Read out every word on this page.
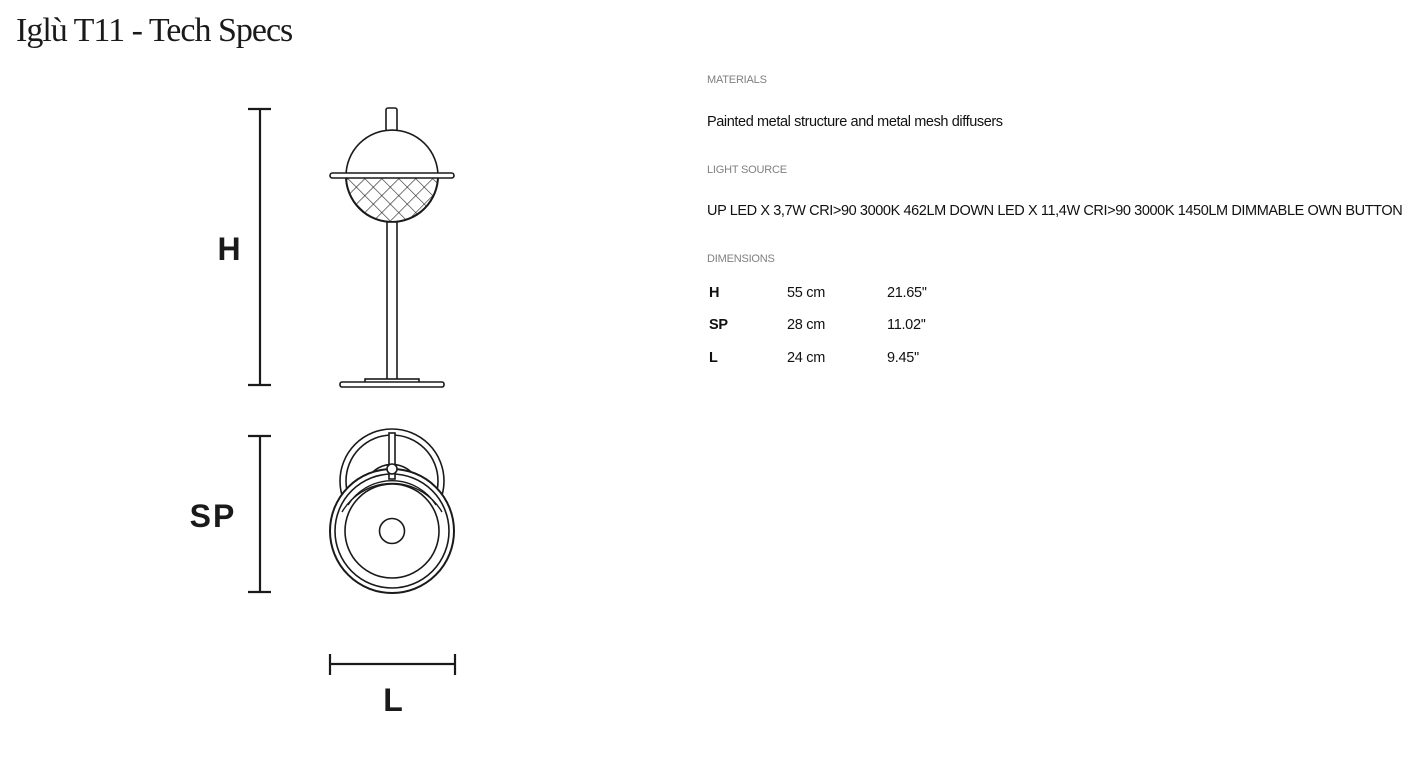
Iglù T11 - Tech Specs
H
SP
L
MATERIALS
Painted metal structure and metal mesh diffusers
LIGHT SOURCE
UP LED X 3,7W CRI>90 3000K 462LM DOWN LED X 11,4W CRI>90 3000K 1450LM DIMMABLE OWN BUTTON
DIMENSIONS
H	55 cm	21.65''
SP	28 cm	11.02''
L	24 cm	9.45''
